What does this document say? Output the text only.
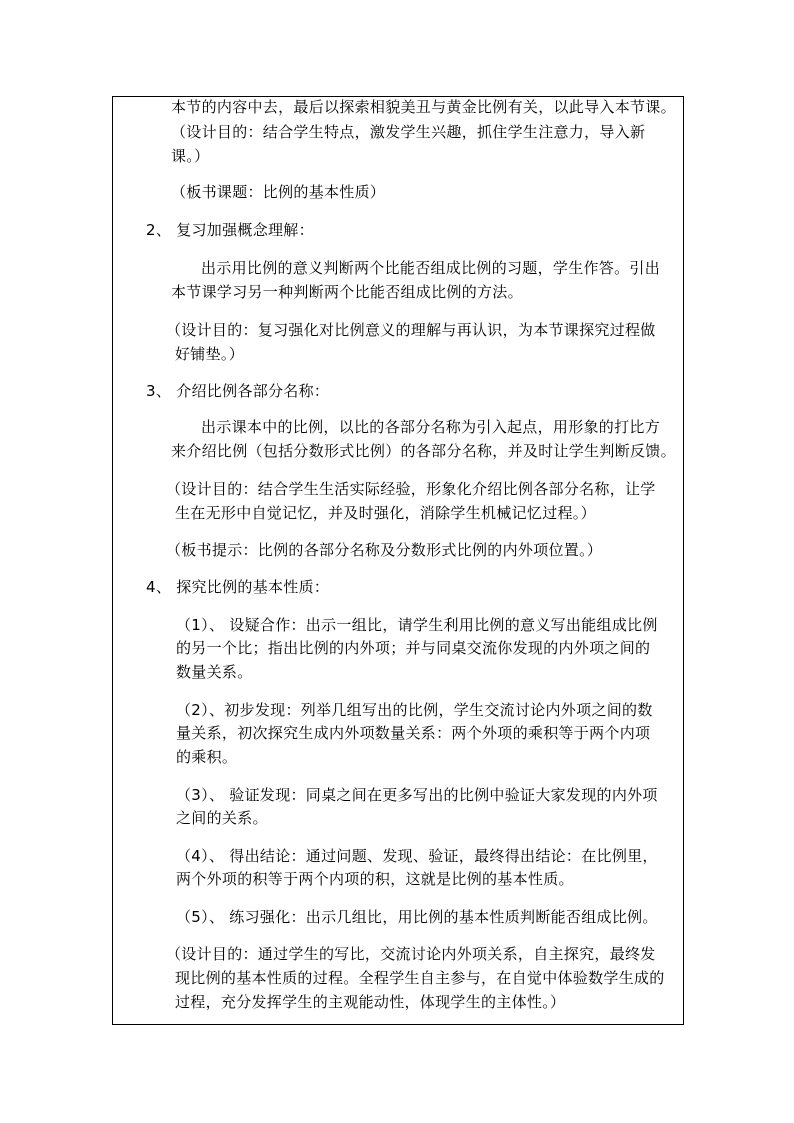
本节的内容中去，最后以探索相貌美丑与黄金比例有关，以此导入本节课。
（设计目的：结合学生特点，激发学生兴趣，抓住学生注意力，导入新
课。）
（板书课题：比例的基本性质）
2、 复习加强概念理解：
出示用比例的意义判断两个比能否组成比例的习题，学生作答。引出
本节课学习另一种判断两个比能否组成比例的方法。
（设计目的：复习强化对比例意义的理解与再认识，为本节课探究过程做
好铺垫。）
3、 介绍比例各部分名称：
出示课本中的比例，以比的各部分名称为引入起点，用形象的打比方
来介绍比例（包括分数形式比例）的各部分名称，并及时让学生判断反馈。
（设计目的：结合学生生活实际经验，形象化介绍比例各部分名称，让学
生在无形中自觉记忆，并及时强化，消除学生机械记忆过程。）
（板书提示：比例的各部分名称及分数形式比例的内外项位置。）
4、 探究比例的基本性质：
（1）、 设疑合作：出示一组比，请学生利用比例的意义写出能组成比例
的另一个比；指出比例的内外项；并与同桌交流你发现的内外项之间的
数量关系。
（2）、初步发现：列举几组写出的比例，学生交流讨论内外项之间的数
量关系，初次探究生成内外项数量关系：两个外项的乘积等于两个内项
的乘积。
（3）、 验证发现：同桌之间在更多写出的比例中验证大家发现的内外项
之间的关系。
（4）、 得出结论：通过问题、发现、验证，最终得出结论：在比例里，
两个外项的积等于两个内项的积，这就是比例的基本性质。
（5）、 练习强化：出示几组比，用比例的基本性质判断能否组成比例。
（设计目的：通过学生的写比，交流讨论内外项关系，自主探究，最终发
现比例的基本性质的过程。全程学生自主参与，在自觉中体验数学生成的
过程，充分发挥学生的主观能动性，体现学生的主体性。）
